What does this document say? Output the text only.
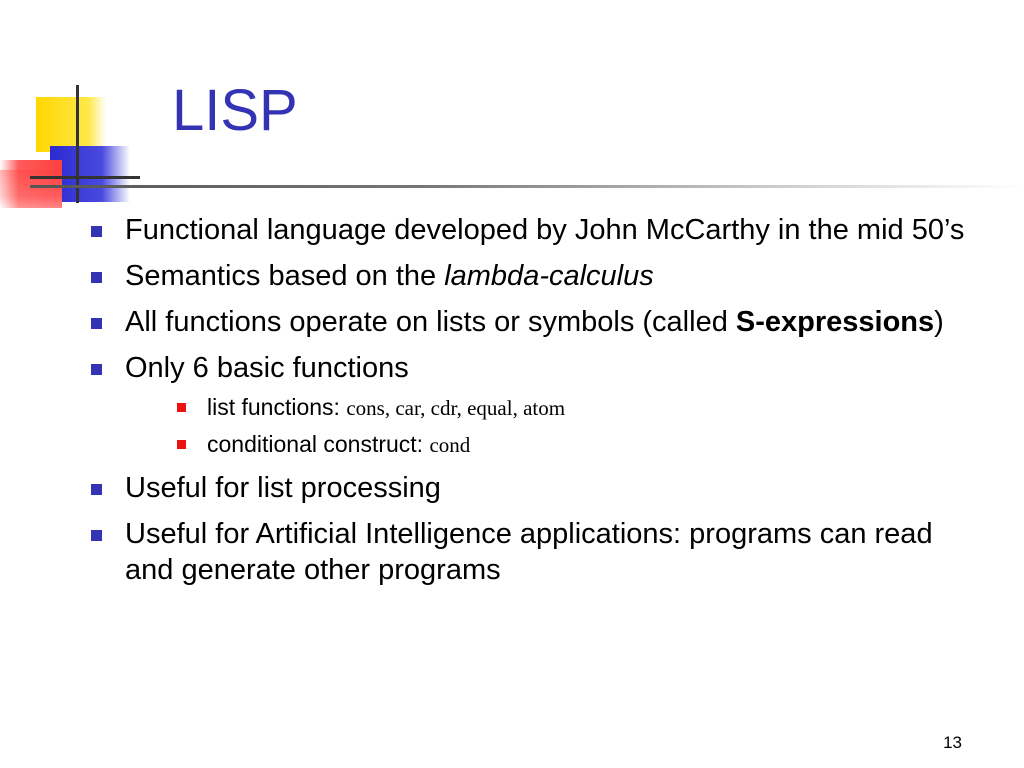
LISP
Functional language developed by John McCarthy in the mid 50’s
Semantics based on the lambda-calculus
All functions operate on lists or symbols (called S-expressions)
Only 6 basic functions
list functions: cons, car, cdr, equal, atom
conditional construct: cond
Useful for list processing
Useful for Artificial Intelligence applications: programs can read and generate other programs
13
